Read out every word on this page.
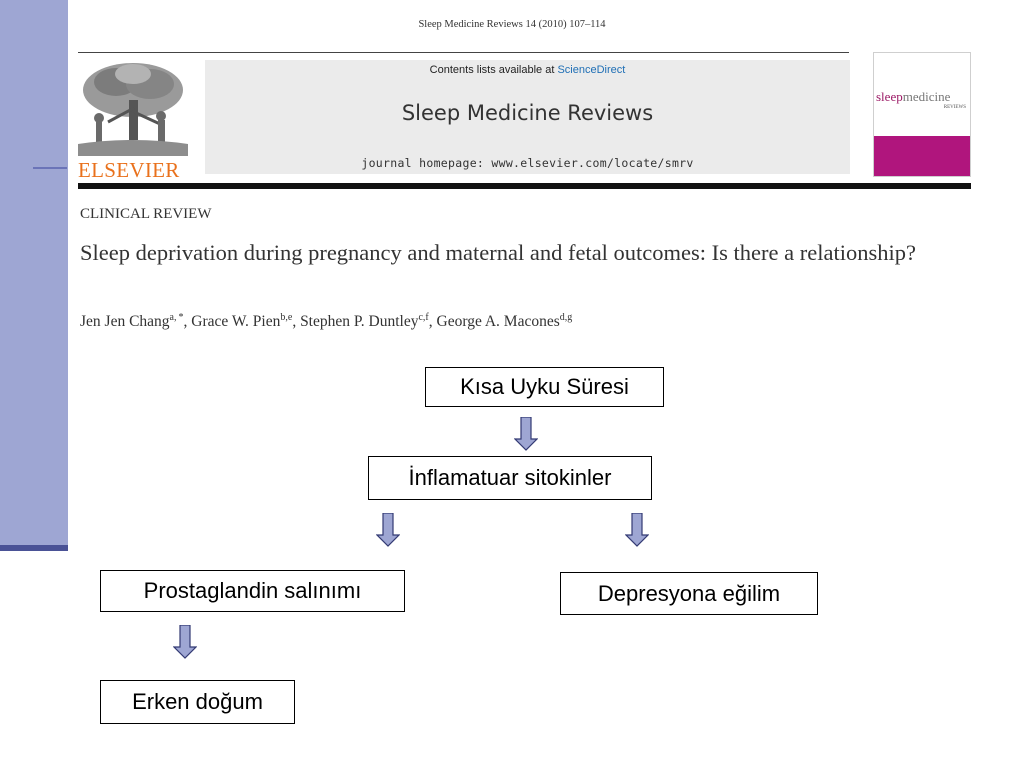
Sleep Medicine Reviews 14 (2010) 107–114
ELSEVIER
Contents lists available at ScienceDirect
Sleep Medicine Reviews
journal homepage: www.elsevier.com/locate/smrv
sleepmedicine
REVIEWS
CLINICAL REVIEW
Sleep deprivation during pregnancy and maternal and fetal outcomes: Is there a relationship?
Jen Jen Chang$^{a, *}$, Grace W. Pien$^{b,e}$, Stephen P. Duntley$^{c,f}$, George A. Macones$^{d,g}$
Kısa Uyku Süresi
İnflamatuar sitokinler
Prostaglandin salınımı	Depresyona eğilim
Erken doğum
